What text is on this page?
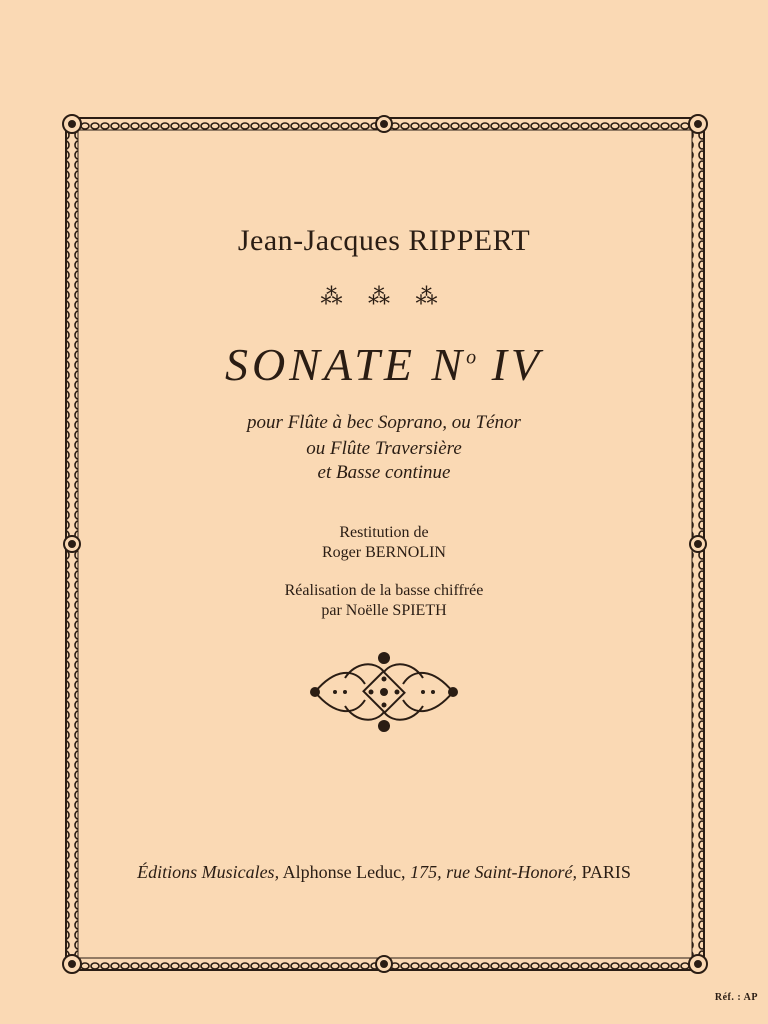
Jean-Jacques RIPPERT
⁂ ⁂ ⁂
SONATE $N^o$ IV
pour Flûte à bec Soprano, ou Ténor
ou Flûte Traversière
et Basse continue
Restitution de
Roger BERNOLIN
Réalisation de la basse chiffrée
par Noëlle SPIETH
Éditions Musicales, Alphonse Leduc, 175, rue Saint-Honoré, PARIS
Réf. : AP
